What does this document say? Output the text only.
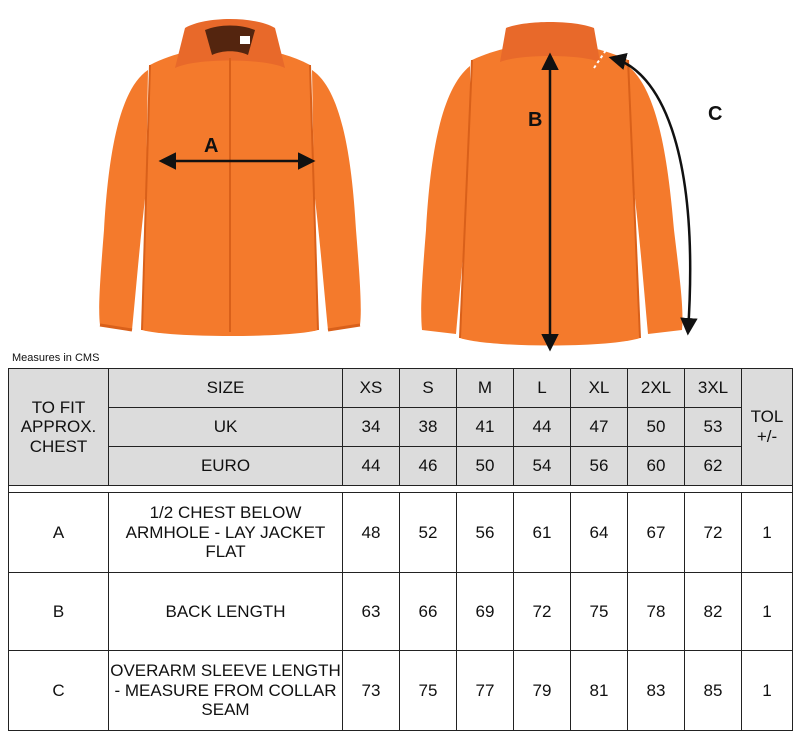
A
B	C
Measures in CMS
TO FIT APPROX. CHEST	SIZE	XS	S	M	L	XL	2XL	3XL	TOL +/-
	UK	34	38	41	44	47	50	53	
	EURO	44	46	50	54	56	60	62	

A	1/2 CHEST BELOW ARMHOLE - LAY JACKET FLAT	48	52	56	61	64	67	72	1
B	BACK LENGTH	63	66	69	72	75	78	82	1
C	OVERARM SLEEVE LENGTH - MEASURE FROM COLLAR SEAM	73	75	77	79	81	83	85	1
